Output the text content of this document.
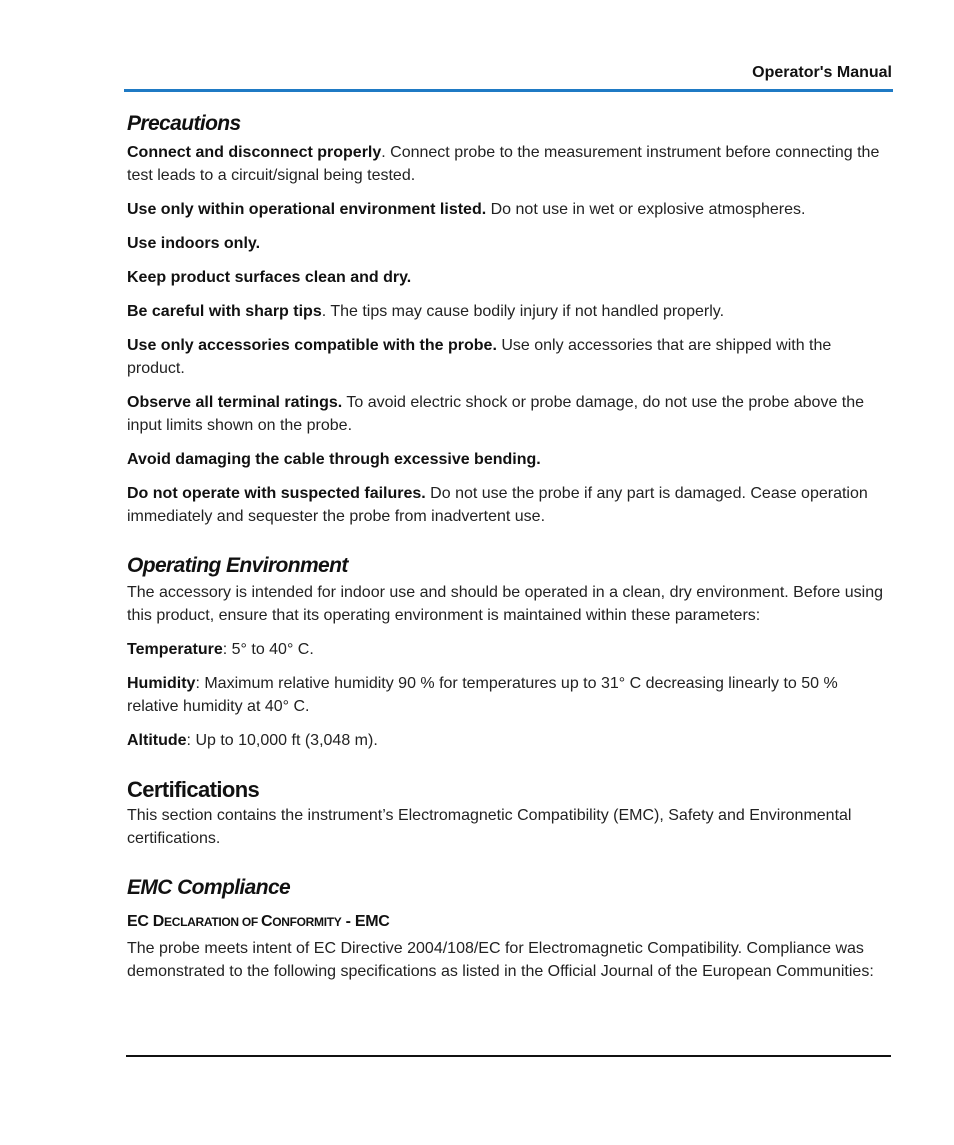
Operator's Manual
Precautions

Connect and disconnect properly. Connect probe to the measurement instrument before connecting the test leads to a circuit/signal being tested.

Use only within operational environment listed. Do not use in wet or explosive atmospheres.

Use indoors only.

Keep product surfaces clean and dry.

Be careful with sharp tips. The tips may cause bodily injury if not handled properly.

Use only accessories compatible with the probe. Use only accessories that are shipped with the product.

Observe all terminal ratings. To avoid electric shock or probe damage, do not use the probe above the input limits shown on the probe.

Avoid damaging the cable through excessive bending.

Do not operate with suspected failures. Do not use the probe if any part is damaged. Cease operation immediately and sequester the probe from inadvertent use.

Operating Environment

The accessory is intended for indoor use and should be operated in a clean, dry environment. Before using this product, ensure that its operating environment is maintained within these parameters:

Temperature: 5° to 40° C.

Humidity: Maximum relative humidity 90 % for temperatures up to 31° C decreasing linearly to 50 % relative humidity at 40° C.

Altitude: Up to 10,000 ft (3,048 m).

Certifications

This section contains the instrument’s Electromagnetic Compatibility (EMC), Safety and Environmental certifications.

EMC Compliance
EC DECLARATION OF CONFORMITY - EMC

The probe meets intent of EC Directive 2004/108/EC for Electromagnetic Compatibility. Compliance was demonstrated to the following specifications as listed in the Official Journal of the European Communities:
